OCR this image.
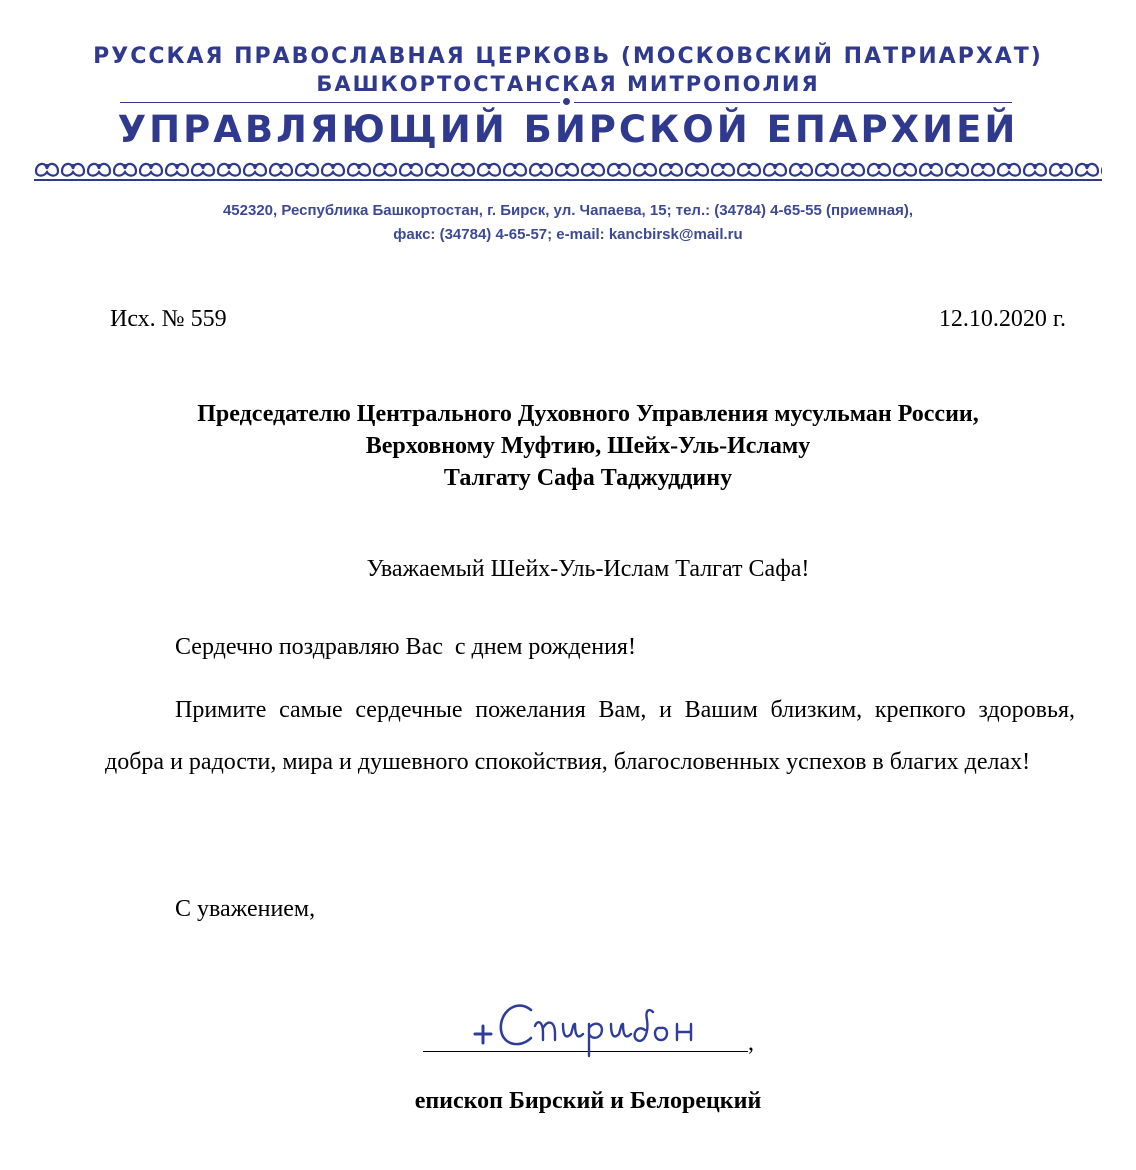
РУССКАЯ ПРАВОСЛАВНАЯ ЦЕРКОВЬ (МОСКОВСКИЙ ПАТРИАРХАТ)
БАШКОРТОСТАНСКАЯ МИТРОПОЛИЯ
УПРАВЛЯЮЩИЙ БИРСКОЙ ЕПАРХИЕЙ
452320, Республика Башкортостан, г. Бирск, ул. Чапаева, 15; тел.: (34784) 4-65-55 (приемная),
факс: (34784) 4-65-57; e-mail: kancbirsk@mail.ru
Исх. № 559	12.10.2020 г.
Председателю Центрального Духовного Управления мусульман России,
Верховному Муфтию, Шейх-Уль-Исламу
Талгату Сафа Таджуддину
Уважаемый Шейх-Уль-Ислам Талгат Сафа!
Сердечно поздравляю Вас  с днем рождения!
Примите самые сердечные пожелания Вам, и Вашим близким, крепкого здоровья, добра и радости, мира и душевного спокойствия, благословенных успехов в благих делах!
С уважением,
,
епископ Бирский и Белорецкий
